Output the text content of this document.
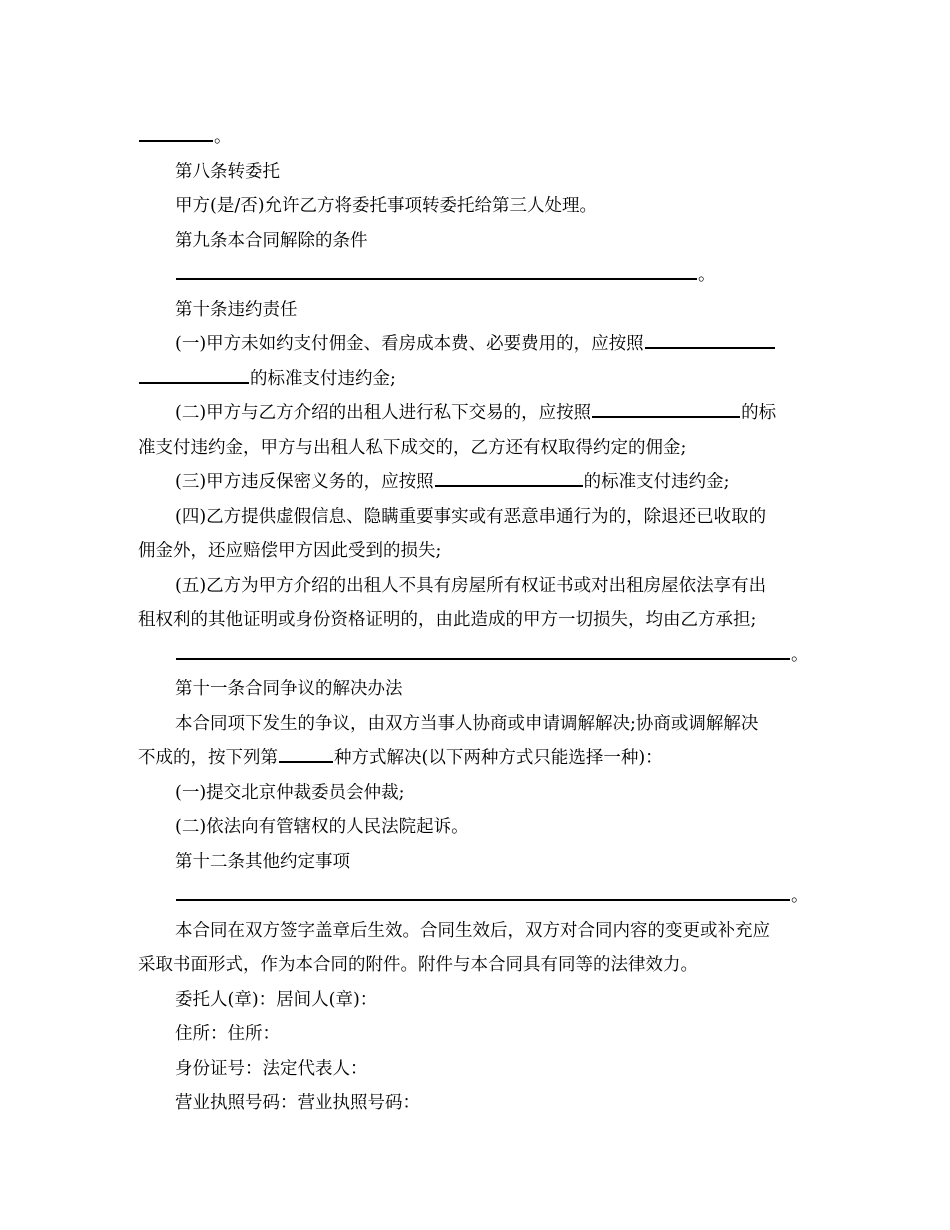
。
第八条转委托
甲方(是/否)允许乙方将委托事项转委托给第三人处理。
第九条本合同解除的条件
。
第十条违约责任
(一)甲方未如约支付佣金、看房成本费、必要费用的，应按照
的标准支付违约金;
(二)甲方与乙方介绍的出租人进行私下交易的，应按照	的标
准支付违约金，甲方与出租人私下成交的，乙方还有权取得约定的佣金;
(三)甲方违反保密义务的，应按照	的标准支付违约金;
(四)乙方提供虚假信息、隐瞒重要事实或有恶意串通行为的，除退还已收取的
佣金外，还应赔偿甲方因此受到的损失;
(五)乙方为甲方介绍的出租人不具有房屋所有权证书或对出租房屋依法享有出
租权利的其他证明或身份资格证明的，由此造成的甲方一切损失，均由乙方承担;
。
第十一条合同争议的解决办法
本合同项下发生的争议，由双方当事人协商或申请调解解决;协商或调解解决
不成的，按下列第	种方式解决(以下两种方式只能选择一种)：
(一)提交北京仲裁委员会仲裁;
(二)依法向有管辖权的人民法院起诉。
第十二条其他约定事项
。
本合同在双方签字盖章后生效。合同生效后，双方对合同内容的变更或补充应
采取书面形式，作为本合同的附件。附件与本合同具有同等的法律效力。
委托人(章)：居间人(章)：
住所：住所：
身份证号：法定代表人：
营业执照号码：营业执照号码：
